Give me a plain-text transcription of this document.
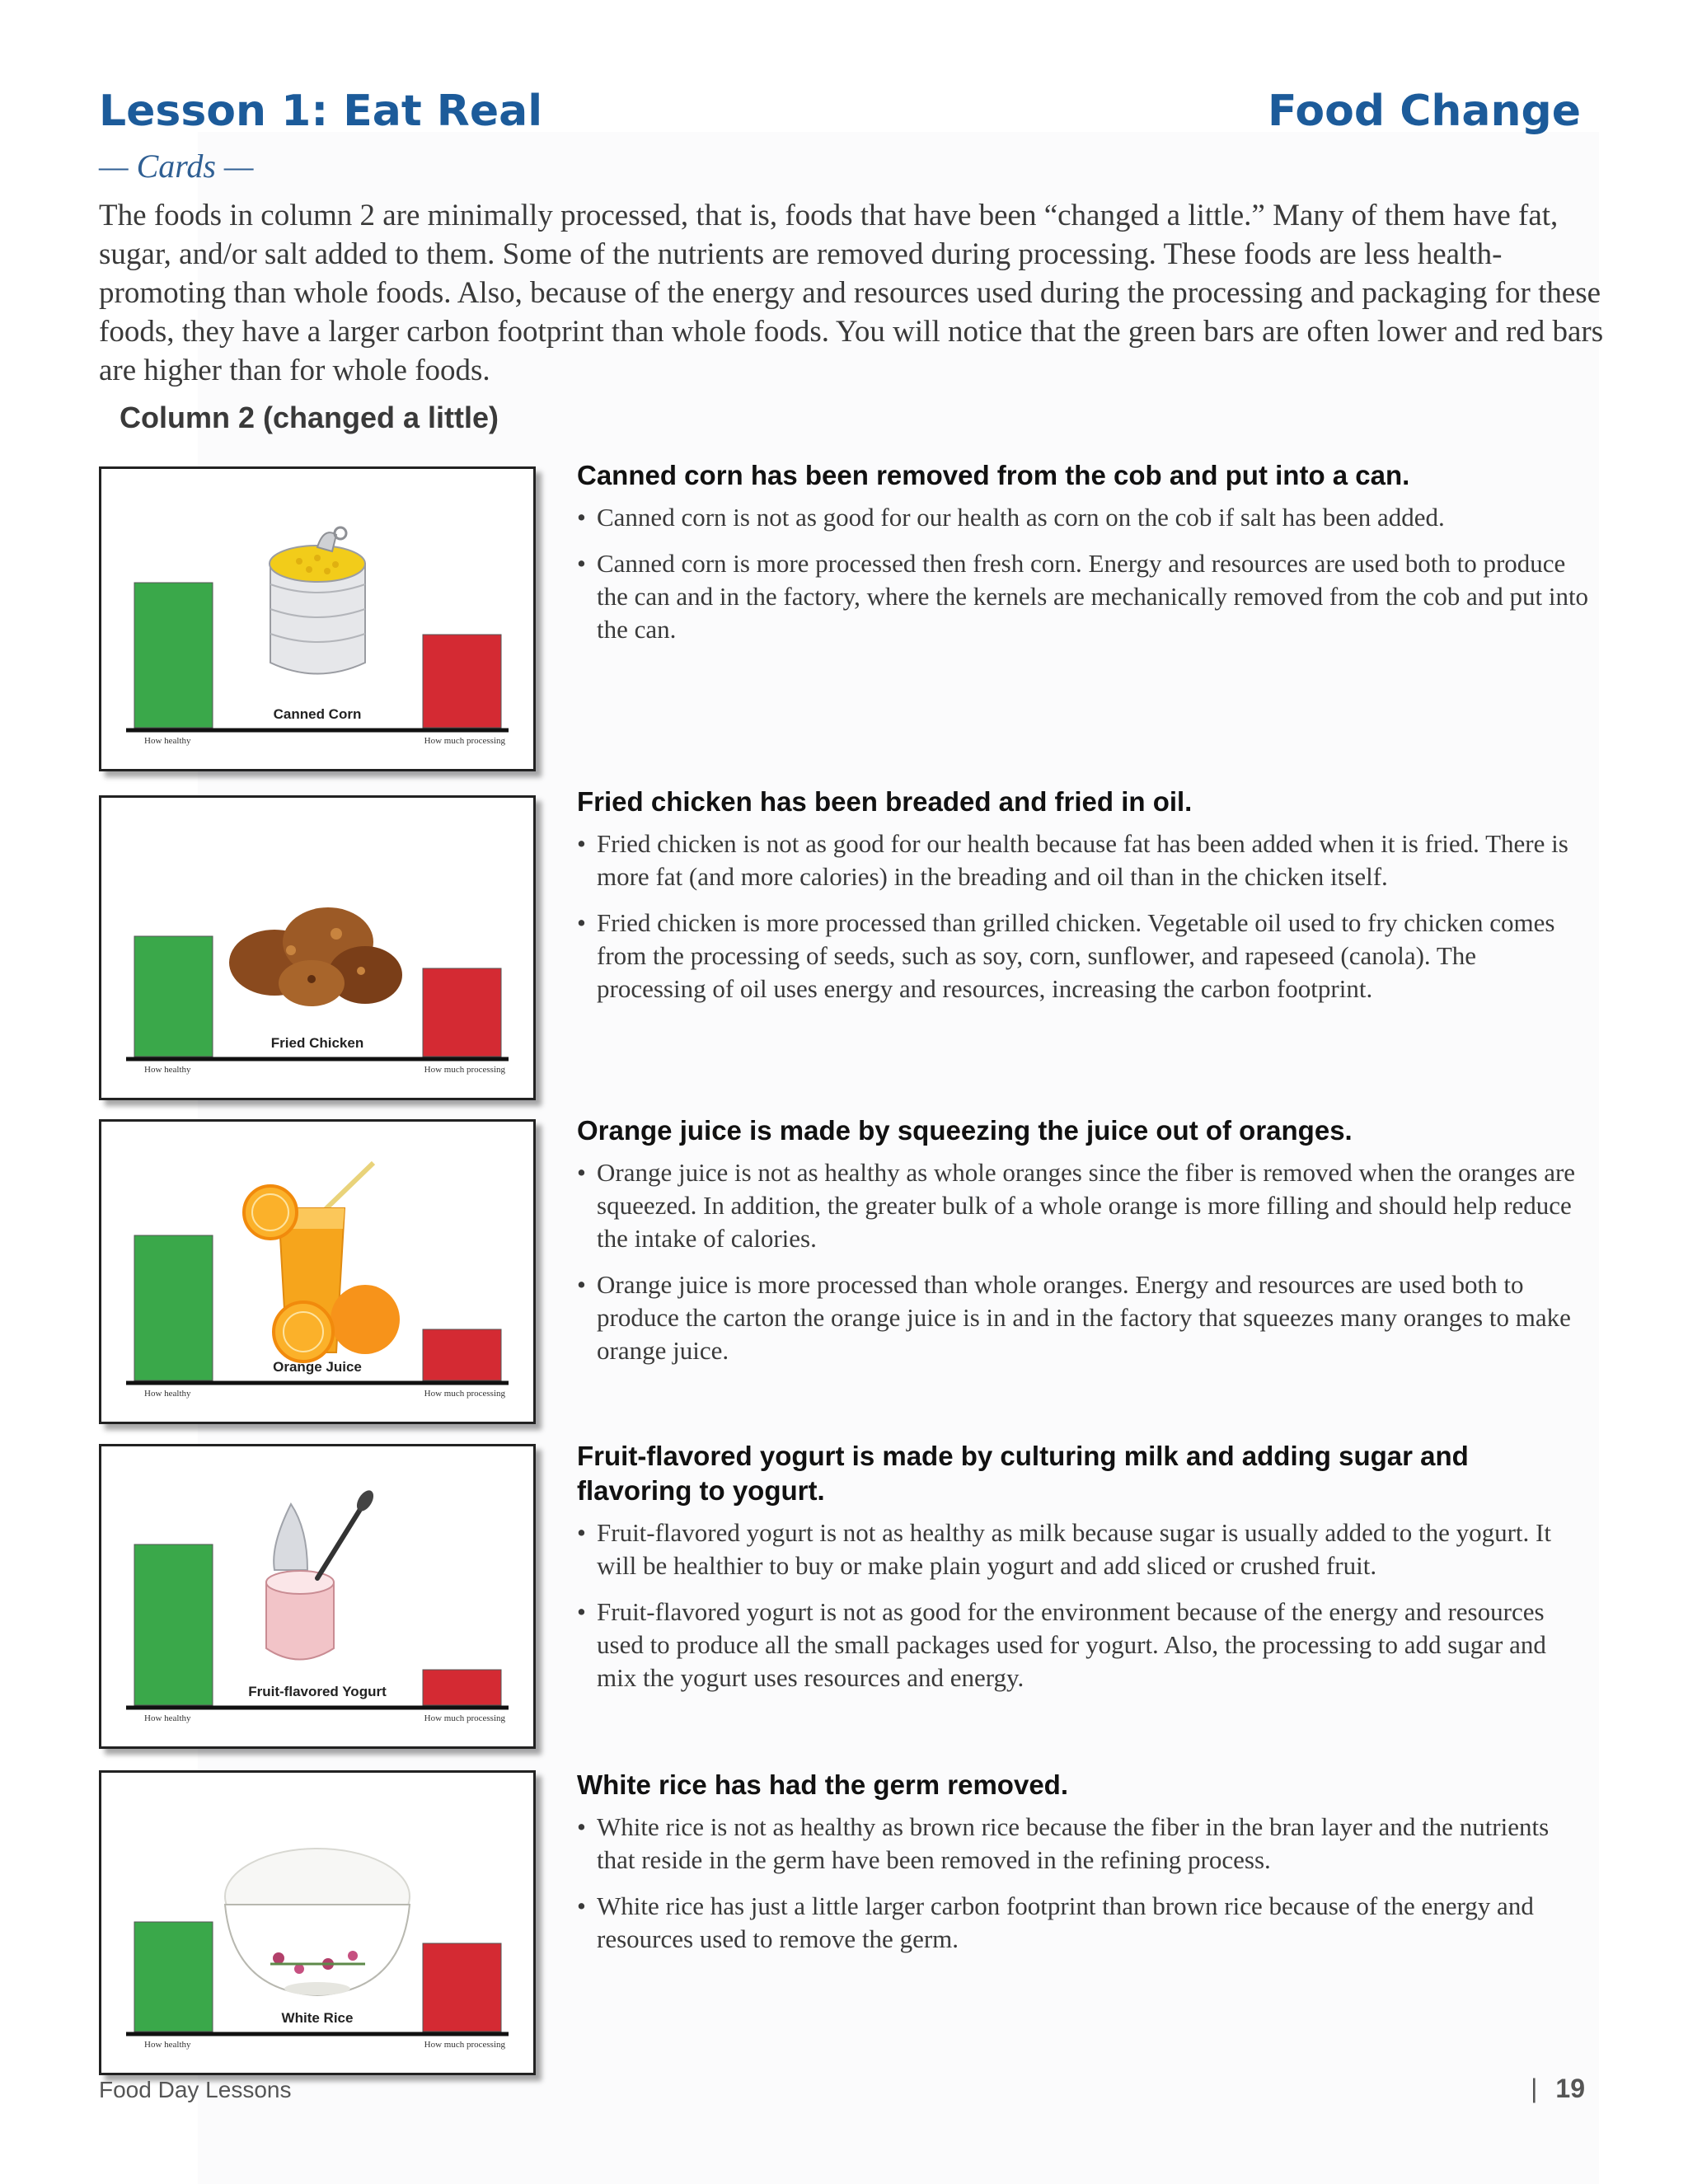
Lesson 1: Eat Real	Food Change

— Cards —

The foods in column 2 are minimally processed, that is, foods that have been “changed a little.” Many of them have fat, sugar, and/or salt added to them. Some of the nutrients are removed during processing. These foods are less health-promoting than whole foods. Also, because of the energy and resources used during the processing and packaging for these foods, they have a larger carbon footprint than whole foods. You will notice that the green bars are often lower and red bars are higher than for whole foods.

Column 2 (changed a little)
Canned Corn
How healthy	How much processing
Canned corn has been removed from the cob and put into a can.
• Canned corn is not as good for our health as corn on the cob if salt has been added.
• Canned corn is more processed then fresh corn. Energy and resources are used both to produce the can and in the factory, where the kernels are mechanically removed from the cob and put into the can.
Fried Chicken
How healthy	How much processing
Fried chicken has been breaded and fried in oil.
• Fried chicken is not as good for our health because fat has been added when it is fried. There is more fat (and more calories) in the breading and oil than in the chicken itself.
• Fried chicken is more processed than grilled chicken. Vegetable oil used to fry chicken comes from the processing of seeds, such as soy, corn, sunflower, and rapeseed (canola). The processing of oil uses energy and resources, increasing the carbon footprint.
Orange Juice
How healthy	How much processing
Orange juice is made by squeezing the juice out of oranges.
• Orange juice is not as healthy as whole oranges since the fiber is removed when the oranges are squeezed. In addition, the greater bulk of a whole orange is more filling and should help reduce the intake of calories.
• Orange juice is more processed than whole oranges. Energy and resources are used both to produce the carton the orange juice is in and in the factory that squeezes many oranges to make orange juice.
Fruit-flavored Yogurt
How healthy	How much processing
Fruit-flavored yogurt is made by culturing milk and adding sugar and flavoring to yogurt.
• Fruit-flavored yogurt is not as healthy as milk because sugar is usually added to the yogurt. It will be healthier to buy or make plain yogurt and add sliced or crushed fruit.
• Fruit-flavored yogurt is not as good for the environment because of the energy and resources used to produce all the small packages used for yogurt. Also, the processing to add sugar and mix the yogurt uses resources and energy.
White Rice
How healthy	How much processing
White rice has had the germ removed.
• White rice is not as healthy as brown rice because the fiber in the bran layer and the nutrients that reside in the germ have been removed in the refining process.
• White rice has just a little larger carbon footprint than brown rice because of the energy and resources used to remove the germ.

Food Day Lessons	| 19
